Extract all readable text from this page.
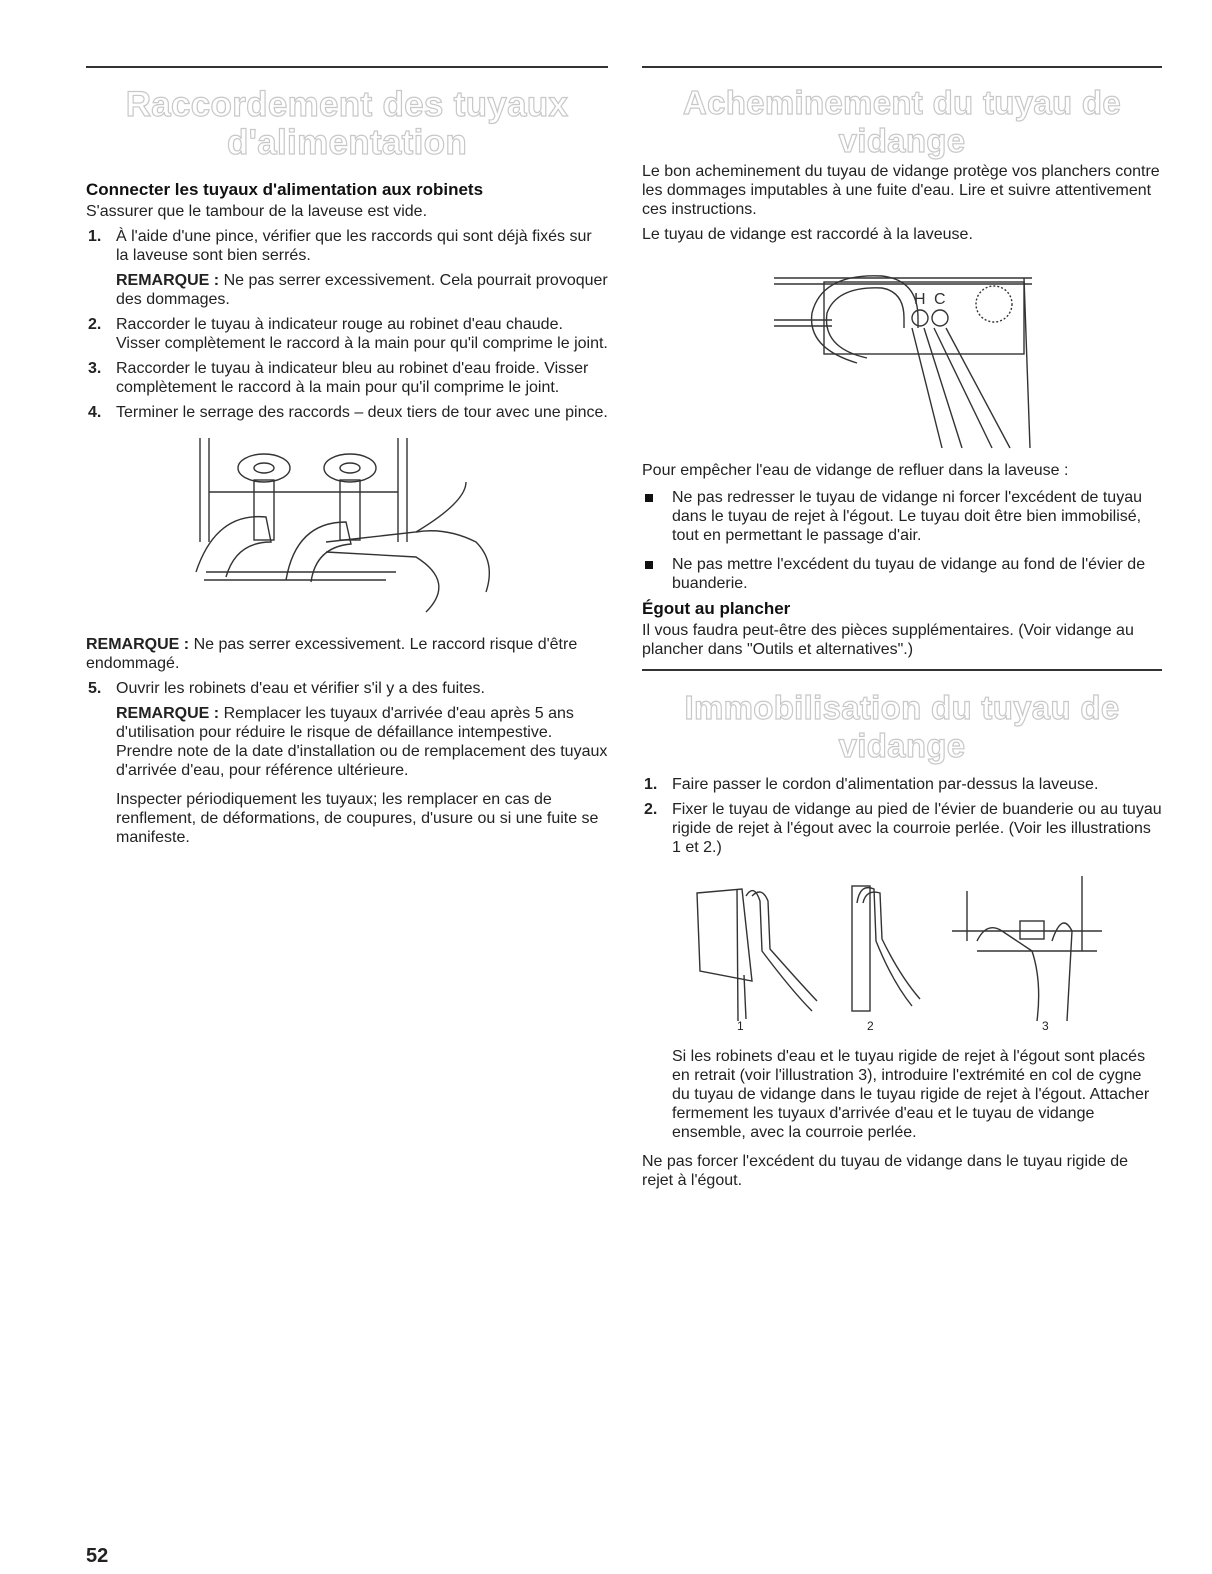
Raccordement des tuyaux
d'alimentation
Connecter les tuyaux d'alimentation aux robinets

S'assurer que le tambour de la laveuse est vide.

1. À l'aide d'une pince, vérifier que les raccords qui sont déjà fixés sur la laveuse sont bien serrés.

REMARQUE : Ne pas serrer excessivement. Cela pourrait provoquer des dommages.

2. Raccorder le tuyau à indicateur rouge au robinet d'eau chaude. Visser complètement le raccord à la main pour qu'il comprime le joint.
3. Raccorder le tuyau à indicateur bleu au robinet d'eau froide. Visser complètement le raccord à la main pour qu'il comprime le joint.
4. Terminer le serrage des raccords – deux tiers de tour avec une pince.

REMARQUE : Ne pas serrer excessivement. Le raccord risque d'être endommagé.

5. Ouvrir les robinets d'eau et vérifier s'il y a des fuites.

REMARQUE : Remplacer les tuyaux d'arrivée d'eau après 5 ans d'utilisation pour réduire le risque de défaillance intempestive. Prendre note de la date d'installation ou de remplacement des tuyaux d'arrivée d'eau, pour référence ultérieure.

Inspecter périodiquement les tuyaux; les remplacer en cas de renflement, de déformations, de coupures, d'usure ou si une fuite se manifeste.

Acheminement du tuyau de vidange

Le bon acheminement du tuyau de vidange protège vos planchers contre les dommages imputables à une fuite d'eau. Lire et suivre attentivement ces instructions.

Le tuyau de vidange est raccordé à la laveuse.

H C

Pour empêcher l'eau de vidange de refluer dans la laveuse :

Ne pas redresser le tuyau de vidange ni forcer l'excédent de tuyau dans le tuyau de rejet à l'égout. Le tuyau doit être bien immobilisé, tout en permettant le passage d'air.
Ne pas mettre l'excédent du tuyau de vidange au fond de l'évier de buanderie.
Égout au plancher

Il vous faudra peut-être des pièces supplémentaires. (Voir vidange au plancher dans "Outils et alternatives".)

Immobilisation du tuyau de vidange
1. Faire passer le cordon d'alimentation par-dessus la laveuse.
2. Fixer le tuyau de vidange au pied de l'évier de buanderie ou au tuyau rigide de rejet à l'égout avec la courroie perlée. (Voir les illustrations 1 et 2.)
1	2	3

Si les robinets d'eau et le tuyau rigide de rejet à l'égout sont placés en retrait (voir l'illustration 3), introduire l'extrémité en col de cygne du tuyau de vidange dans le tuyau rigide de rejet à l'égout. Attacher fermement les tuyaux d'arrivée d'eau et le tuyau de vidange ensemble, avec la courroie perlée.

Ne pas forcer l'excédent du tuyau de vidange dans le tuyau rigide de rejet à l'égout.

52
